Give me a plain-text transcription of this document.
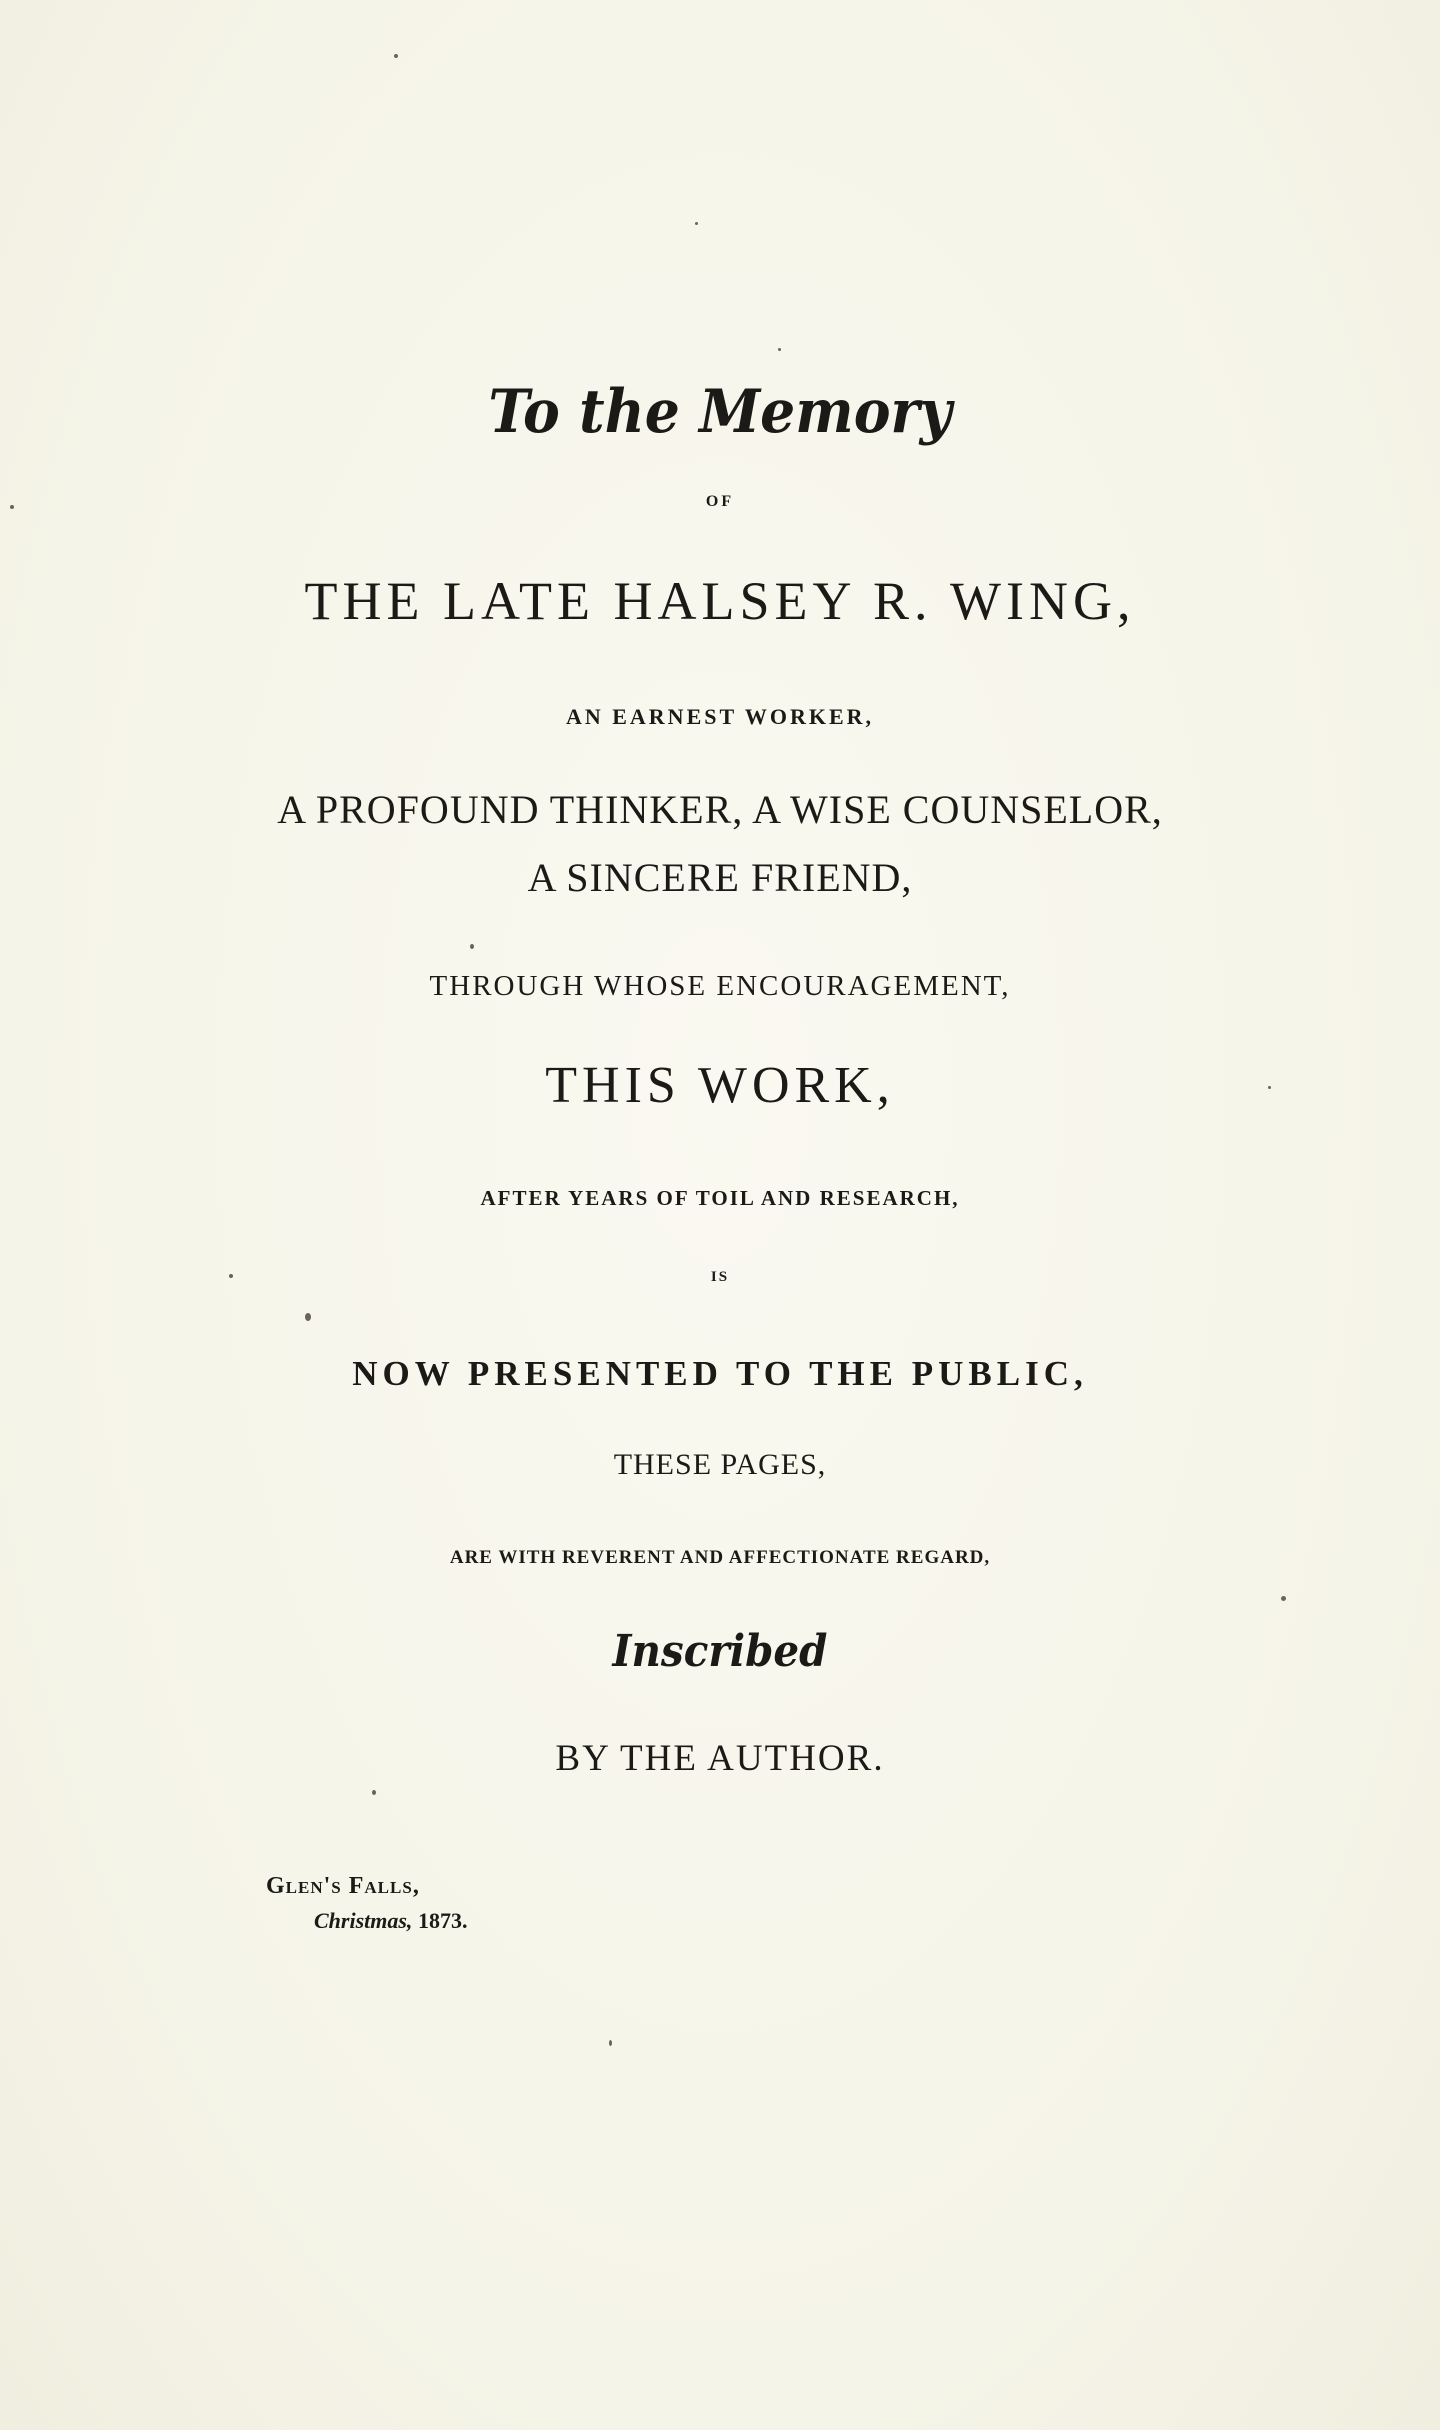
To the Memory
OF
THE LATE HALSEY R. WING,
AN EARNEST WORKER,
A PROFOUND THINKER, A WISE COUNSELOR,
A SINCERE FRIEND,
THROUGH WHOSE ENCOURAGEMENT,
THIS WORK,
AFTER YEARS OF TOIL AND RESEARCH,
IS
NOW PRESENTED TO THE PUBLIC,
THESE PAGES,
ARE WITH REVERENT AND AFFECTIONATE REGARD,
Inscribed
BY THE AUTHOR.
Glen's Falls,
Christmas, 1873.
